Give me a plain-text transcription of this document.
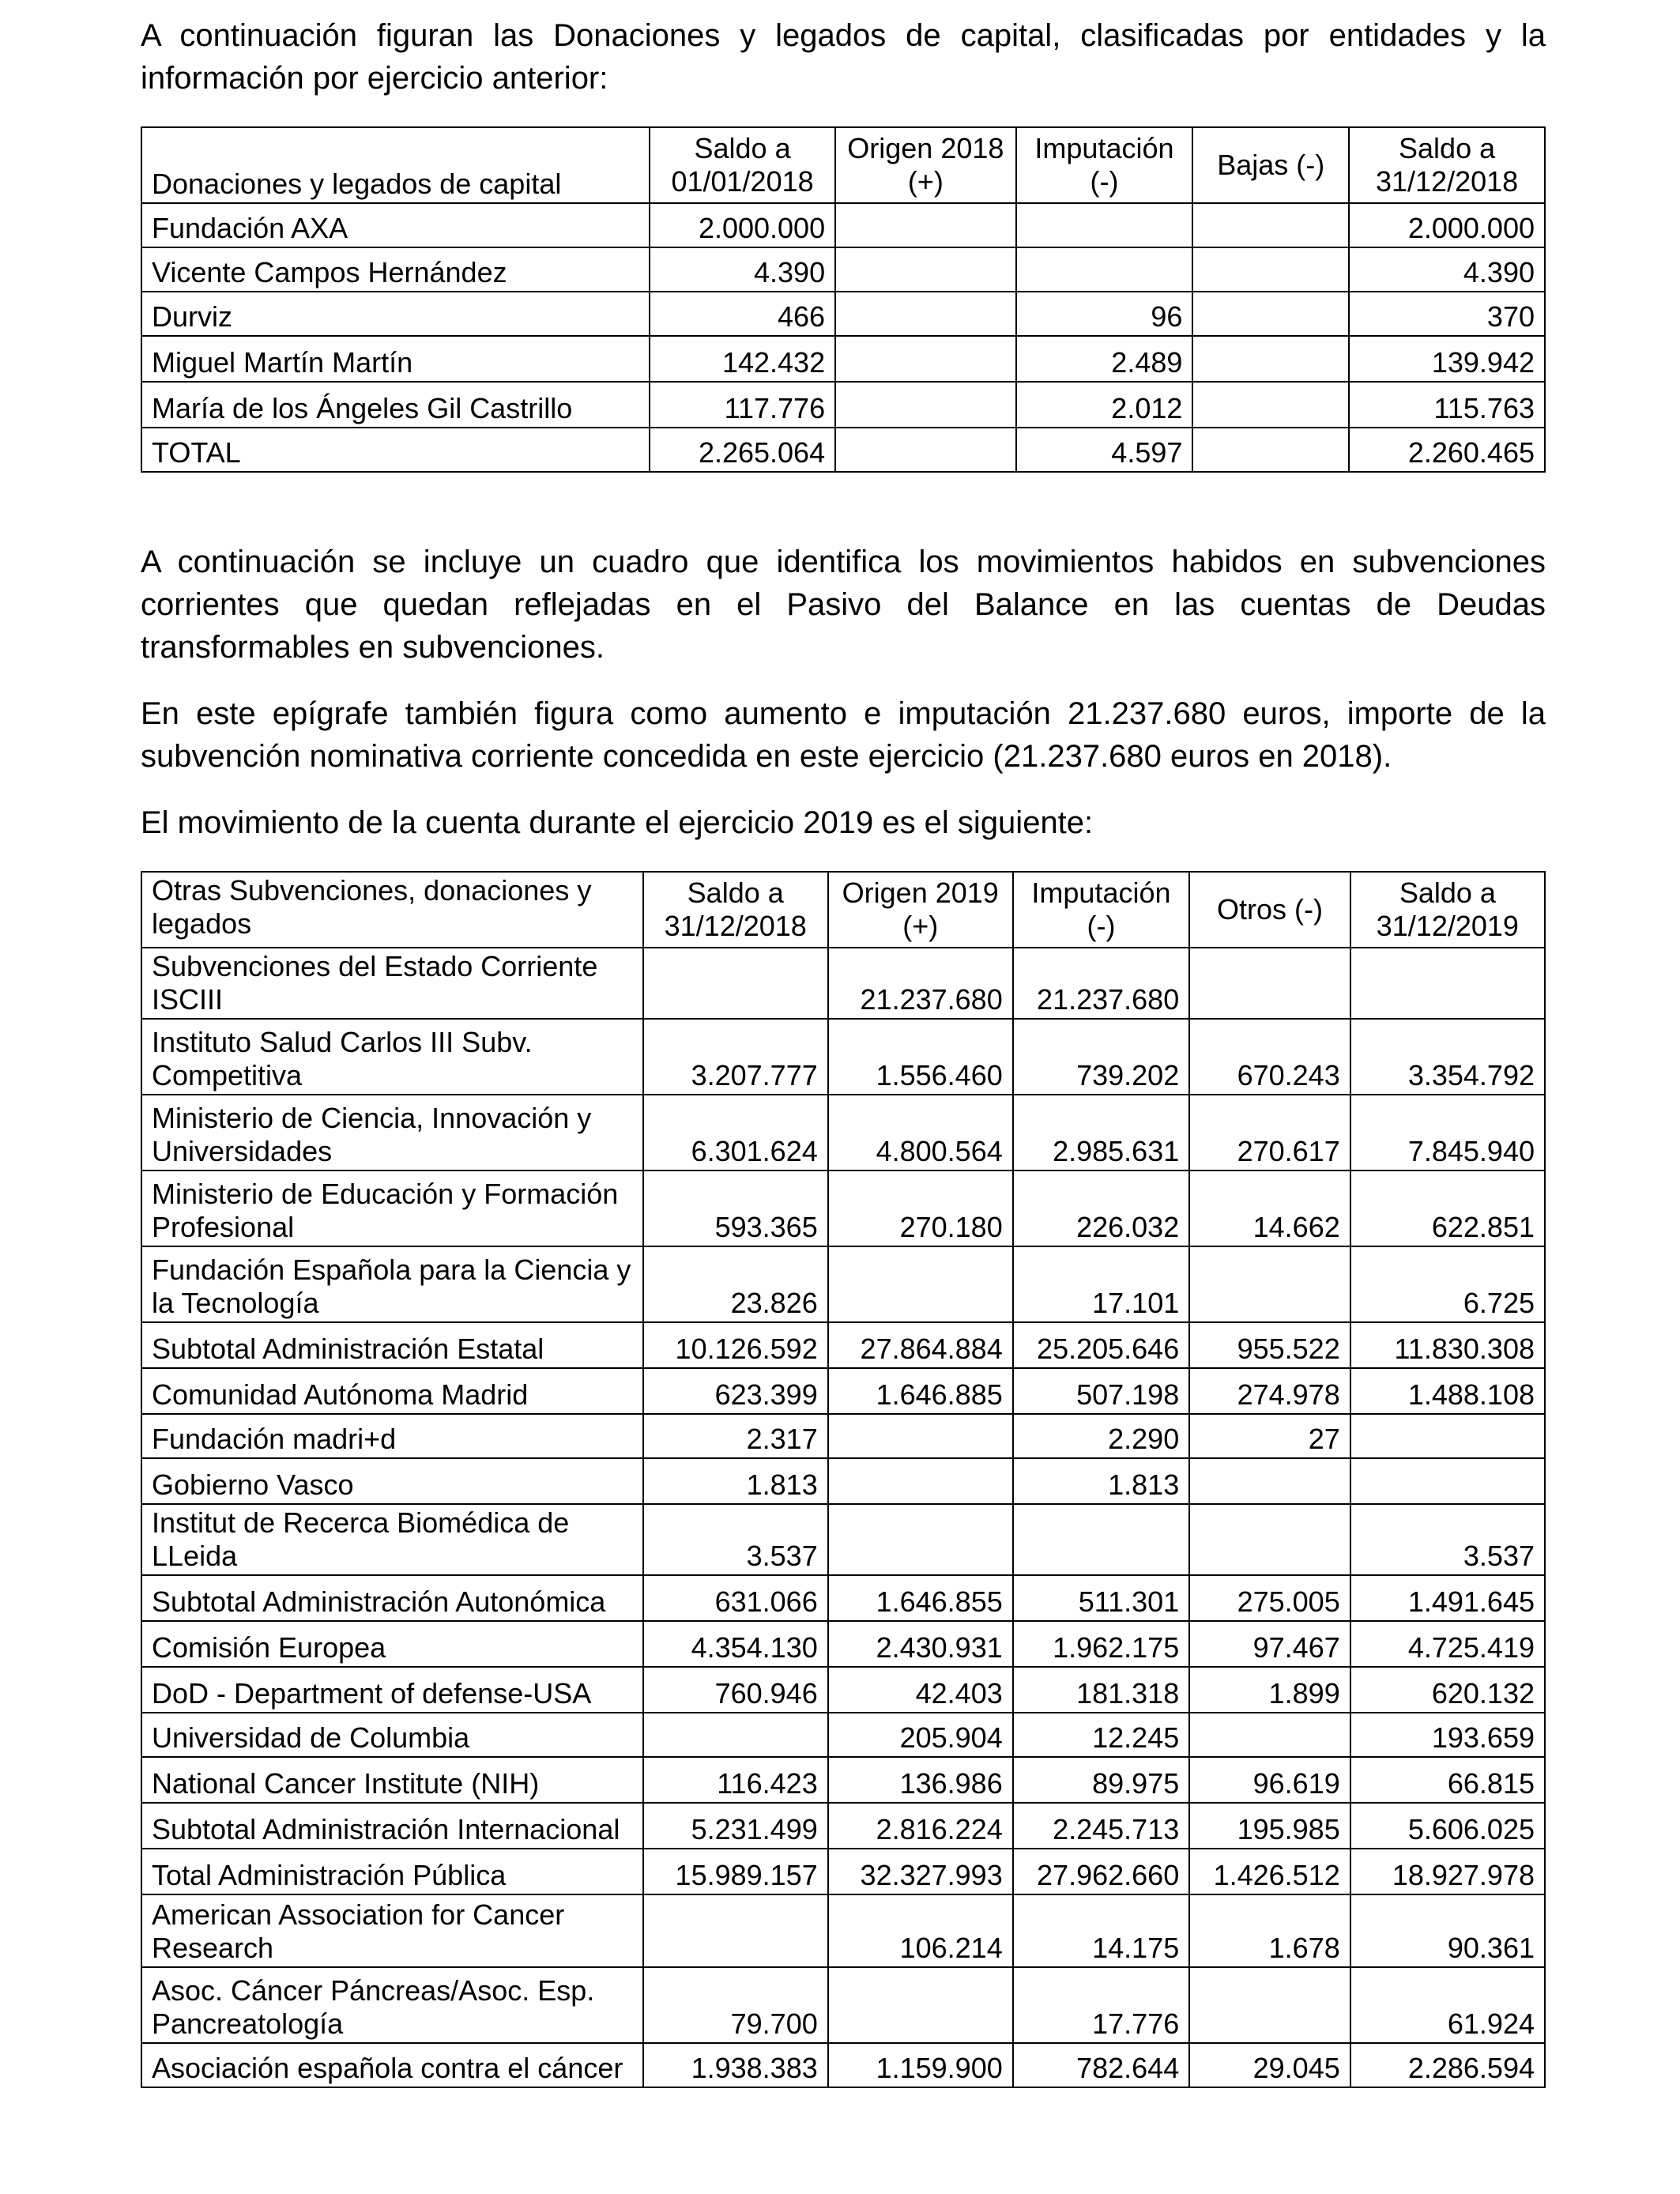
A continuación figuran las Donaciones y legados de capital, clasificadas por entidades y la información por ejercicio anterior:

Donaciones y legados de capital	Saldo a 01/01/2018	Origen 2018 (+)	Imputación (-)	Bajas (-)	Saldo a 31/12/2018
Fundación AXA	2.000.000				2.000.000
Vicente Campos Hernández	4.390				4.390
Durviz	466		96		370
Miguel Martín Martín	142.432		2.489		139.942
María de los Ángeles Gil Castrillo	117.776		2.012		115.763
TOTAL	2.265.064		4.597		2.260.465

A continuación se incluye un cuadro que identifica los movimientos habidos en subvenciones corrientes que quedan reflejadas en el Pasivo del Balance en las cuentas de Deudas transformables en subvenciones.

En este epígrafe también figura como aumento e imputación 21.237.680 euros, importe de la subvención nominativa corriente concedida en este ejercicio (21.237.680 euros en 2018).

El movimiento de la cuenta durante el ejercicio 2019 es el siguiente:

Otras Subvenciones, donaciones y legados	Saldo a 31/12/2018	Origen 2019 (+)	Imputación (-)	Otros (-)	Saldo a 31/12/2019
Subvenciones del Estado Corriente ISCIII		21.237.680	21.237.680		
Instituto Salud Carlos III Subv. Competitiva	3.207.777	1.556.460	739.202	670.243	3.354.792
Ministerio de Ciencia, Innovación y Universidades	6.301.624	4.800.564	2.985.631	270.617	7.845.940
Ministerio de Educación y Formación Profesional	593.365	270.180	226.032	14.662	622.851
Fundación Española para la Ciencia y la Tecnología	23.826		17.101		6.725
Subtotal Administración Estatal	10.126.592	27.864.884	25.205.646	955.522	11.830.308
Comunidad Autónoma Madrid	623.399	1.646.885	507.198	274.978	1.488.108
Fundación madri+d	2.317		2.290	27	
Gobierno Vasco	1.813		1.813		
Institut de Recerca Biomédica de LLeida	3.537				3.537
Subtotal Administración Autonómica	631.066	1.646.855	511.301	275.005	1.491.645
Comisión Europea	4.354.130	2.430.931	1.962.175	97.467	4.725.419
DoD - Department of defense-USA	760.946	42.403	181.318	1.899	620.132
Universidad de Columbia		205.904	12.245		193.659
National Cancer Institute (NIH)	116.423	136.986	89.975	96.619	66.815
Subtotal Administración Internacional	5.231.499	2.816.224	2.245.713	195.985	5.606.025
Total Administración Pública	15.989.157	32.327.993	27.962.660	1.426.512	18.927.978
American Association for Cancer Research		106.214	14.175	1.678	90.361
Asoc. Cáncer Páncreas/Asoc. Esp. Pancreatología	79.700		17.776		61.924
Asociación española contra el cáncer	1.938.383	1.159.900	782.644	29.045	2.286.594
